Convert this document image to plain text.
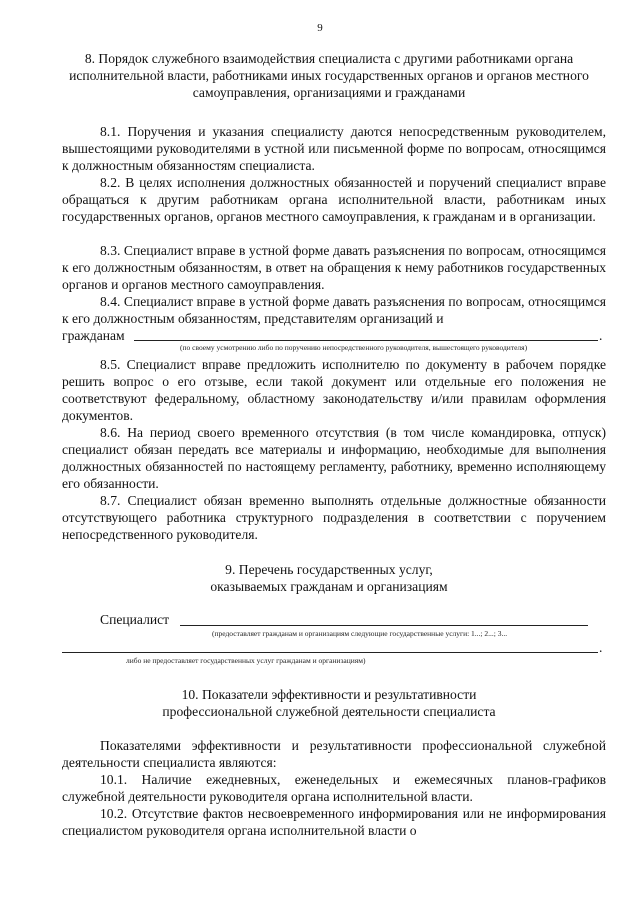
9
8. Порядок служебного взаимодействия специалиста с другими работниками органа исполнительной власти, работниками иных государственных органов и органов местного самоуправления, организациями и гражданами
8.1. Поручения и указания специалисту даются непосредственным руководителем, вышестоящими руководителями в устной или письменной форме по вопросам, относящимся к должностным обязанностям специалиста.
8.2. В целях исполнения должностных обязанностей и поручений специалист вправе обращаться к другим работникам органа исполнительной власти, работникам иных государственных органов, органов местного самоуправления, к гражданам и в организации.
8.3. Специалист вправе в устной форме давать разъяснения по вопросам, относящимся к его должностным обязанностям, в ответ на обращения к нему работников государственных органов и органов местного самоуправления.
8.4. Специалист вправе в устной форме давать разъяснения по вопросам, относящимся к его должностным обязанностям, представителям организаций и
гражданам	.
(по своему усмотрению либо по поручению непосредственного руководителя, вышестоящего руководителя)
8.5. Специалист вправе предложить исполнителю по документу в рабочем порядке решить вопрос о его отзыве, если такой документ или отдельные его положения не соответствуют федеральному, областному законодательству и/или правилам оформления документов.
8.6. На период своего временного отсутствия (в том числе командировка, отпуск) специалист обязан передать все материалы и информацию, необходимые для выполнения должностных обязанностей по настоящему регламенту, работнику, временно исполняющему его обязанности.
8.7. Специалист обязан временно выполнять отдельные должностные обязанности отсутствующего работника структурного подразделения в соответствии с поручением непосредственного руководителя.
9. Перечень государственных услуг,
оказываемых гражданам и организациям
Специалист
(предоставляет гражданам и организациям следующие государственные услуги: 1...; 2...; 3...
.
либо не предоставляет государственных услуг гражданам и организациям)
10. Показатели эффективности и результативности
профессиональной служебной деятельности специалиста
Показателями эффективности и результативности профессиональной служебной деятельности специалиста являются:
10.1. Наличие ежедневных, еженедельных и ежемесячных планов-графиков служебной деятельности руководителя органа исполнительной власти.
10.2. Отсутствие фактов несвоевременного информирования или не информирования специалистом руководителя органа исполнительной власти о
